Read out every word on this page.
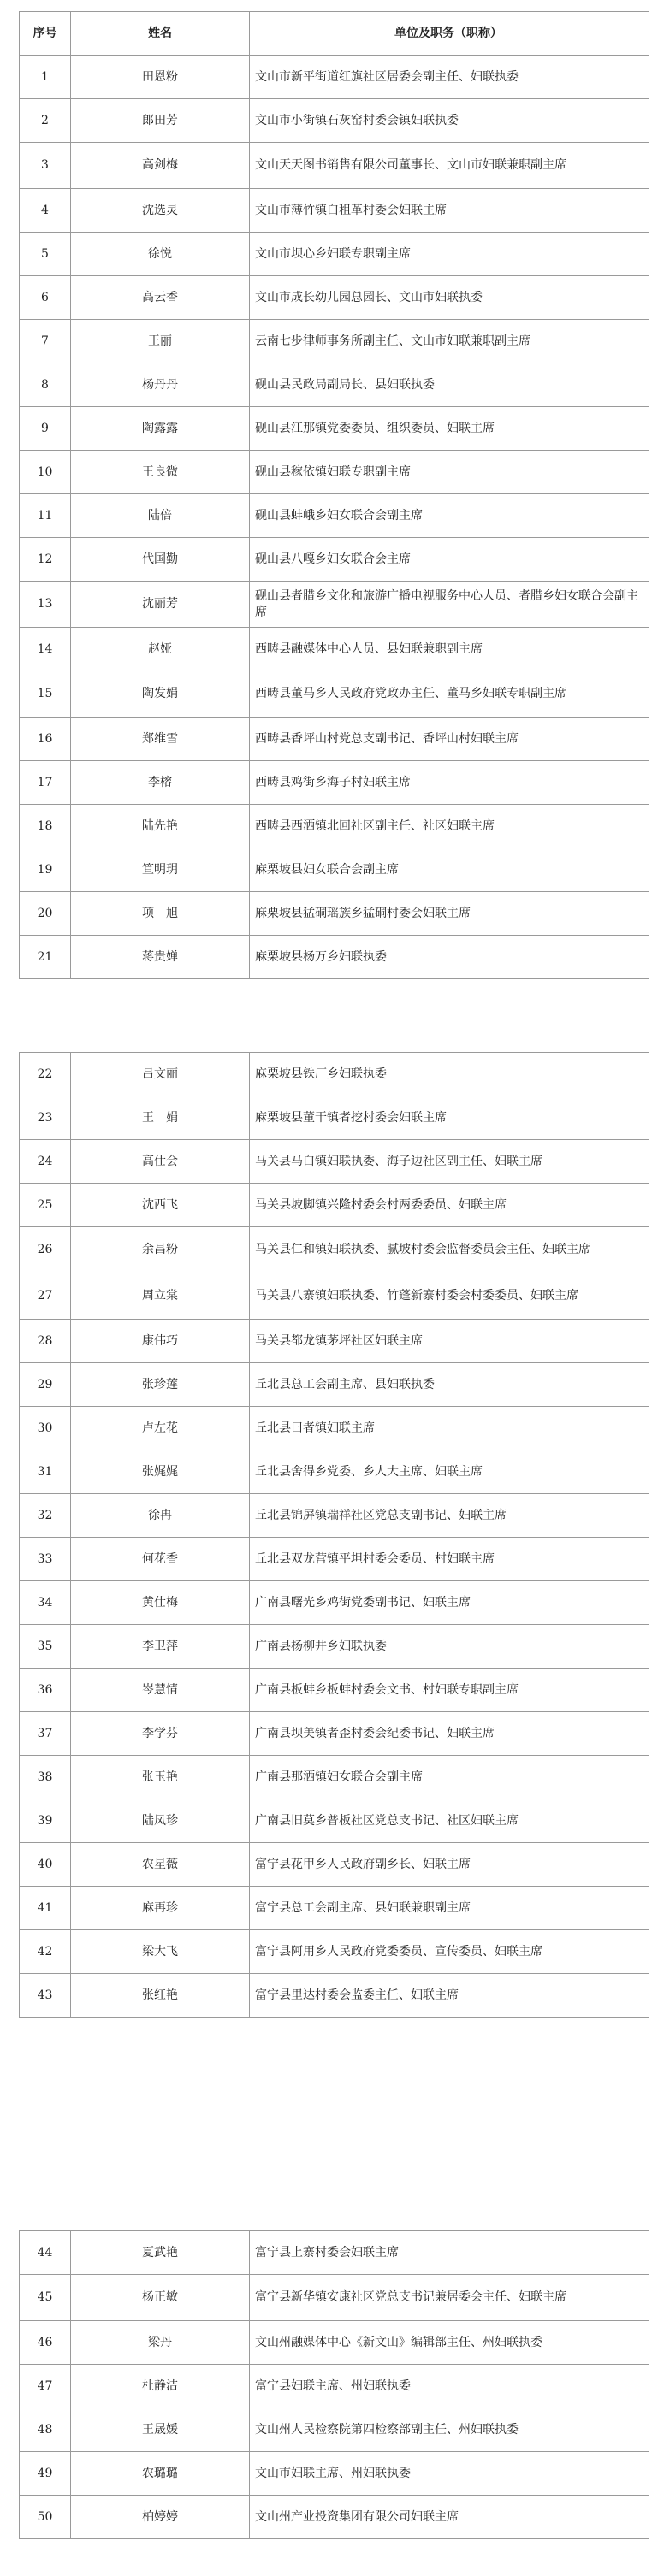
序号	姓名	单位及职务（职称）
1	田恩粉	文山市新平街道红旗社区居委会副主任、妇联执委
2	郎田芳	文山市小街镇石灰窑村委会镇妇联执委
3	高剑梅	文山天天图书销售有限公司董事长、文山市妇联兼职副主席
4	沈选灵	文山市薄竹镇白租革村委会妇联主席
5	徐悦	文山市坝心乡妇联专职副主席
6	高云香	文山市成长幼儿园总园长、文山市妇联执委
7	王丽	云南七步律师事务所副主任、文山市妇联兼职副主席
8	杨丹丹	砚山县民政局副局长、县妇联执委
9	陶露露	砚山县江那镇党委委员、组织委员、妇联主席
10	王良微	砚山县稼依镇妇联专职副主席
11	陆倍	砚山县蚌峨乡妇女联合会副主席
12	代国勤	砚山县八嘎乡妇女联合会主席
13	沈丽芳	砚山县者腊乡文化和旅游广播电视服务中心人员、者腊乡妇女联合会副主席
14	赵娅	西畴县融媒体中心人员、县妇联兼职副主席
15	陶发娟	西畴县董马乡人民政府党政办主任、董马乡妇联专职副主席
16	郑维雪	西畴县香坪山村党总支副书记、香坪山村妇联主席
17	李榕	西畴县鸡街乡海子村妇联主席
18	陆先艳	西畴县西洒镇北回社区副主任、社区妇联主席
19	笪明玥	麻栗坡县妇女联合会副主席
20	项　旭	麻栗坡县猛硐瑶族乡猛硐村委会妇联主席
21	蒋贵婵	麻栗坡县杨万乡妇联执委
22	吕文丽	麻栗坡县铁厂乡妇联执委
23	王　娟	麻栗坡县董干镇者挖村委会妇联主席
24	高仕会	马关县马白镇妇联执委、海子边社区副主任、妇联主席
25	沈西飞	马关县坡脚镇兴隆村委会村两委委员、妇联主席
26	余昌粉	马关县仁和镇妇联执委、腻坡村委会监督委员会主任、妇联主席
27	周立棠	马关县八寨镇妇联执委、竹蓬新寨村委会村委委员、妇联主席
28	康伟巧	马关县都龙镇茅坪社区妇联主席
29	张珍莲	丘北县总工会副主席、县妇联执委
30	卢左花	丘北县曰者镇妇联主席
31	张娓娓	丘北县舍得乡党委、乡人大主席、妇联主席
32	徐冉	丘北县锦屏镇瑞祥社区党总支副书记、妇联主席
33	何花香	丘北县双龙营镇平坦村委会委员、村妇联主席
34	黄仕梅	广南县曙光乡鸡街党委副书记、妇联主席
35	李卫萍	广南县杨柳井乡妇联执委
36	岑慧情	广南县板蚌乡板蚌村委会文书、村妇联专职副主席
37	李学芬	广南县坝美镇者歪村委会纪委书记、妇联主席
38	张玉艳	广南县那洒镇妇女联合会副主席
39	陆凤珍	广南县旧莫乡普板社区党总支书记、社区妇联主席
40	农星薇	富宁县花甲乡人民政府副乡长、妇联主席
41	麻再珍	富宁县总工会副主席、县妇联兼职副主席
42	梁大飞	富宁县阿用乡人民政府党委委员、宣传委员、妇联主席
43	张红艳	富宁县里达村委会监委主任、妇联主席
44	夏武艳	富宁县上寨村委会妇联主席
45	杨正敏	富宁县新华镇安康社区党总支书记兼居委会主任、妇联主席
46	梁丹	文山州融媒体中心《新文山》编辑部主任、州妇联执委
47	杜静洁	富宁县妇联主席、州妇联执委
48	王晟媛	文山州人民检察院第四检察部副主任、州妇联执委
49	农璐璐	文山市妇联主席、州妇联执委
50	柏婷婷	文山州产业投资集团有限公司妇联主席
